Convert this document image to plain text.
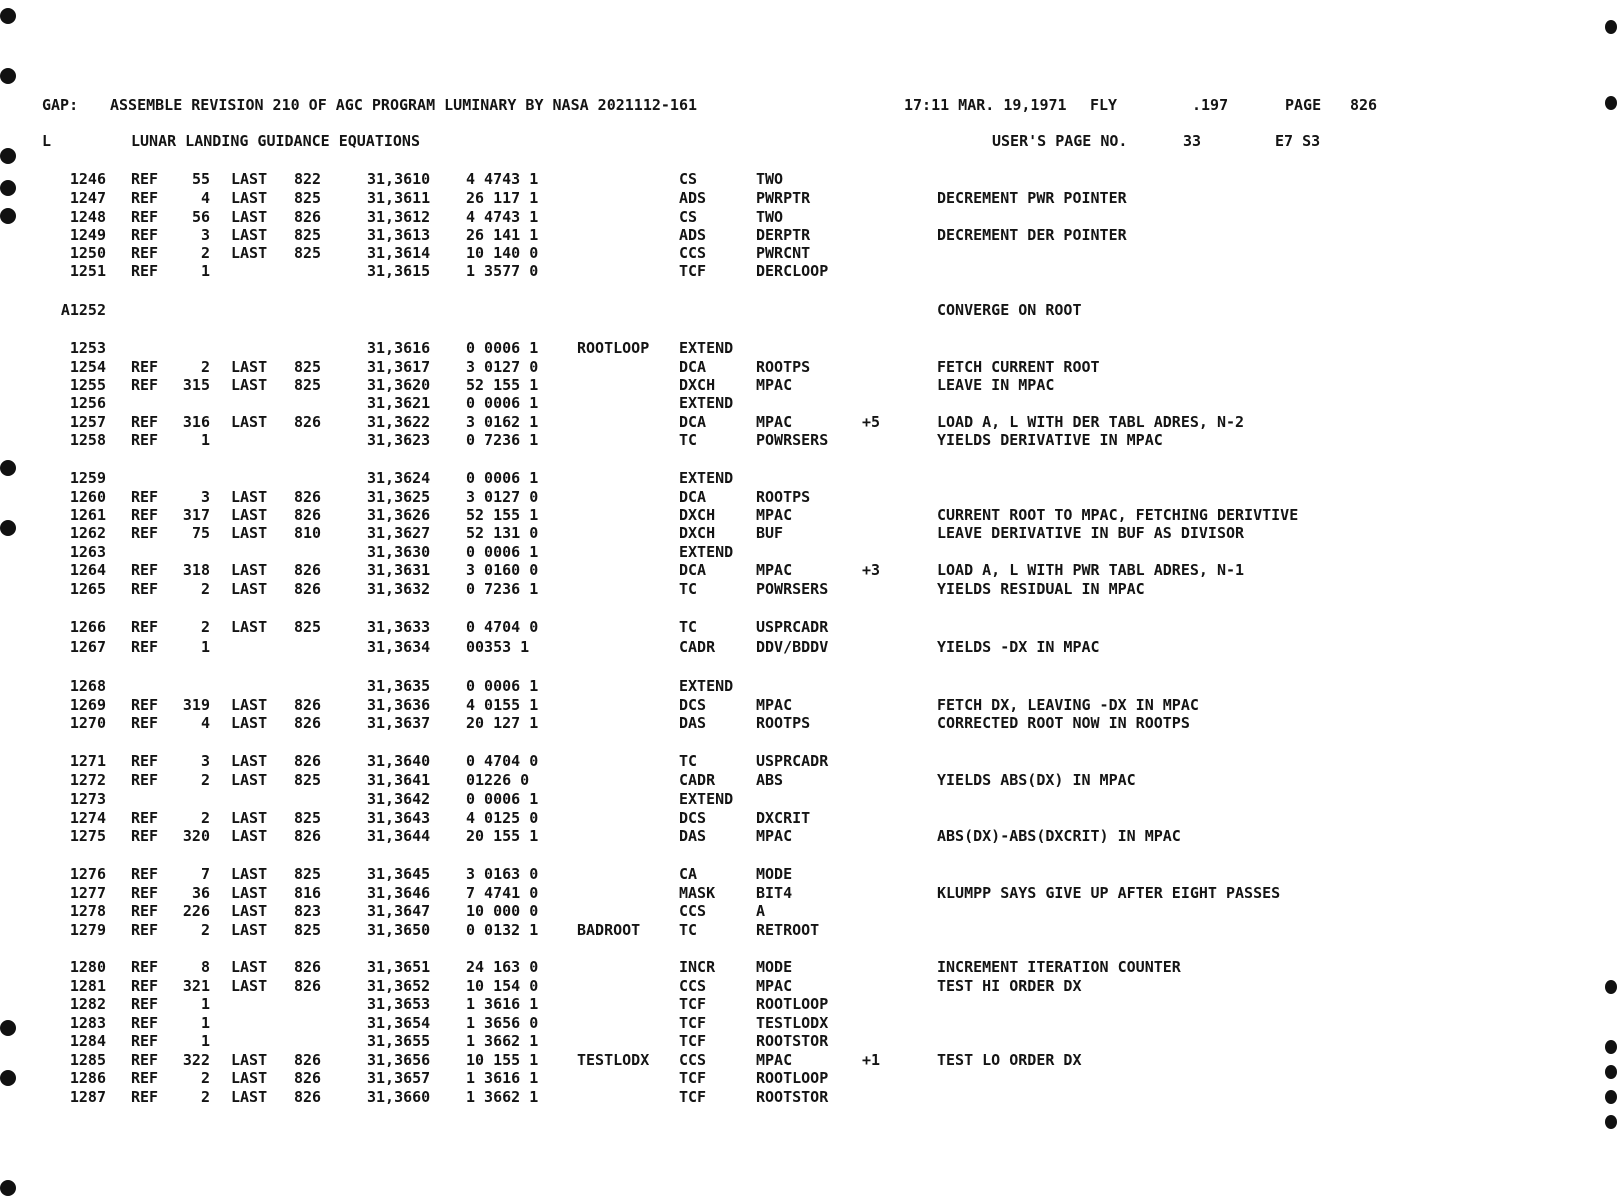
GAP: ASSEMBLE REVISION 210 OF AGC PROGRAM LUMINARY BY NASA 2021112-161	17:11 MAR. 19,1971 FLY	.197	PAGE 826
L	LUNAR LANDING GUIDANCE EQUATIONS	USER'S PAGE NO.	33	E7 S3
1246 REF	55 LAST 822	31,3610 4 4743 1	CS	TWO
1247 REF	4 LAST 825	31,3611 26 117 1	ADS	PWRPTR	DECREMENT PWR POINTER
1248 REF	56 LAST 826	31,3612 4 4743 1	CS	TWO
1249 REF	3 LAST 825	31,3613 26 141 1	ADS	DERPTR	DECREMENT DER POINTER
1250 REF	2 LAST 825	31,3614 10 140 0	CCS	PWRCNT
1251 REF	1	31,3615 1 3577 0	TCF	DERCLOOP
A1252	CONVERGE ON ROOT
1253	31,3616 0 0006 1	ROOTLOOP EXTEND
1254 REF	2 LAST 825	31,3617 3 0127 0	DCA	ROOTPS	FETCH CURRENT ROOT
1255 REF	315 LAST 825	31,3620 52 155 1	DXCH	MPAC	LEAVE IN MPAC
1256	31,3621 0 0006 1	EXTEND
1257 REF	316 LAST 826	31,3622 3 0162 1	DCA	MPAC	+5	LOAD A, L WITH DER TABL ADRES, N-2
1258 REF	1	31,3623 0 7236 1	TC	POWRSERS	YIELDS DERIVATIVE IN MPAC
1259	31,3624 0 0006 1	EXTEND
1260 REF	3 LAST 826	31,3625 3 0127 0	DCA	ROOTPS
1261 REF	317 LAST 826	31,3626 52 155 1	DXCH	MPAC	CURRENT ROOT TO MPAC, FETCHING DERIVTIVE
1262 REF	75 LAST 810	31,3627 52 131 0	DXCH	BUF	LEAVE DERIVATIVE IN BUF AS DIVISOR
1263	31,3630 0 0006 1	EXTEND
1264 REF	318 LAST 826	31,3631 3 0160 0	DCA	MPAC	+3	LOAD A, L WITH PWR TABL ADRES, N-1
1265 REF	2 LAST 826	31,3632 0 7236 1	TC	POWRSERS	YIELDS RESIDUAL IN MPAC
1266 REF	2 LAST 825	31,3633 0 4704 0	TC	USPRCADR
1267 REF	1	31,3634 00353 1	CADR	DDV/BDDV	YIELDS -DX IN MPAC
1268	31,3635 0 0006 1	EXTEND
1269 REF	319 LAST 826	31,3636 4 0155 1	DCS	MPAC	FETCH DX, LEAVING -DX IN MPAC
1270 REF	4 LAST 826	31,3637 20 127 1	DAS	ROOTPS	CORRECTED ROOT NOW IN ROOTPS
1271 REF	3 LAST 826	31,3640 0 4704 0	TC	USPRCADR
1272 REF	2 LAST 825	31,3641 01226 0	CADR	ABS	YIELDS ABS(DX) IN MPAC
1273	31,3642 0 0006 1	EXTEND
1274 REF	2 LAST 825	31,3643 4 0125 0	DCS	DXCRIT
1275 REF	320 LAST 826	31,3644 20 155 1	DAS	MPAC	ABS(DX)-ABS(DXCRIT) IN MPAC
1276 REF	7 LAST 825	31,3645 3 0163 0	CA	MODE
1277 REF	36 LAST 816	31,3646 7 4741 0	MASK	BIT4	KLUMPP SAYS GIVE UP AFTER EIGHT PASSES
1278 REF	226 LAST 823	31,3647 10 000 0	CCS	A
1279 REF	2 LAST 825	31,3650 0 0132 1	BADROOT	TC	RETROOT
1280 REF	8 LAST 826	31,3651 24 163 0	INCR	MODE	INCREMENT ITERATION COUNTER
1281 REF	321 LAST 826	31,3652 10 154 0	CCS	MPAC	TEST HI ORDER DX
1282 REF	1	31,3653 1 3616 1	TCF	ROOTLOOP
1283 REF	1	31,3654 1 3656 0	TCF	TESTLODX
1284 REF	1	31,3655 1 3662 1	TCF	ROOTSTOR
1285 REF	322 LAST 826	31,3656 10 155 1	TESTLODX CCS	MPAC	+1	TEST LO ORDER DX
1286 REF	2 LAST 826	31,3657 1 3616 1	TCF	ROOTLOOP
1287 REF	2 LAST 826	31,3660 1 3662 1	TCF	ROOTSTOR
